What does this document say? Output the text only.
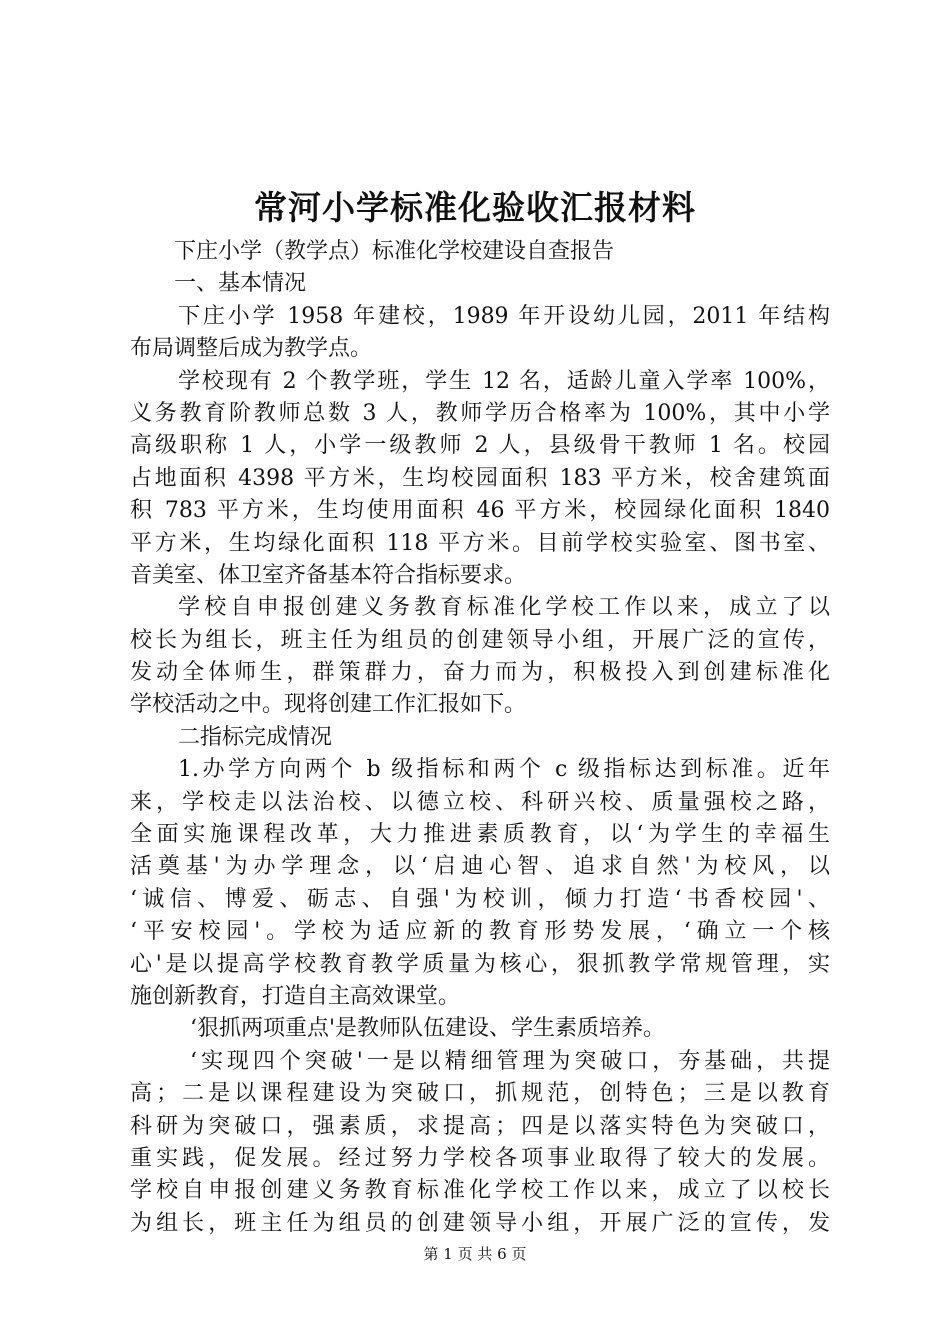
常河小学标准化验收汇报材料
下庄小学（教学点）标准化学校建设自查报告
一、基本情况
下庄小学 1958 年建校，1989 年开设幼儿园，2011 年结构
布局调整后成为教学点。
学校现有 2 个教学班，学生 12 名，适龄儿童入学率 100%，
义务教育阶教师总数 3 人，教师学历合格率为 100%，其中小学
高级职称 1 人，小学一级教师 2 人，县级骨干教师 1 名。校园
占地面积 4398 平方米，生均校园面积 183 平方米，校舍建筑面
积 783 平方米，生均使用面积 46 平方米，校园绿化面积 1840
平方米，生均绿化面积 118 平方米。目前学校实验室、图书室、
音美室、体卫室齐备基本符合指标要求。
学校自申报创建义务教育标准化学校工作以来，成立了以
校长为组长，班主任为组员的创建领导小组，开展广泛的宣传，
发动全体师生，群策群力，奋力而为，积极投入到创建标准化
学校活动之中。现将创建工作汇报如下。
二指标完成情况
1.办学方向两个 b 级指标和两个 c 级指标达到标准。近年
来，学校走以法治校、以德立校、科研兴校、质量强校之路，
全面实施课程改革，大力推进素质教育，以‘为学生的幸福生
活奠基'为办学理念，以‘启迪心智、追求自然'为校风，以
‘诚信、博爱、砺志、自强'为校训，倾力打造‘书香校园'、
‘平安校园'。学校为适应新的教育形势发展，‘确立一个核
心'是以提高学校教育教学质量为核心，狠抓教学常规管理，实
施创新教育，打造自主高效课堂。
‘狠抓两项重点'是教师队伍建设、学生素质培养。
‘实现四个突破'一是以精细管理为突破口，夯基础，共提
高；二是以课程建设为突破口，抓规范，创特色；三是以教育
科研为突破口，强素质，求提高；四是以落实特色为突破口，
重实践，促发展。经过努力学校各项事业取得了较大的发展。
学校自申报创建义务教育标准化学校工作以来，成立了以校长
为组长，班主任为组员的创建领导小组，开展广泛的宣传，发
第 1 页 共 6 页
